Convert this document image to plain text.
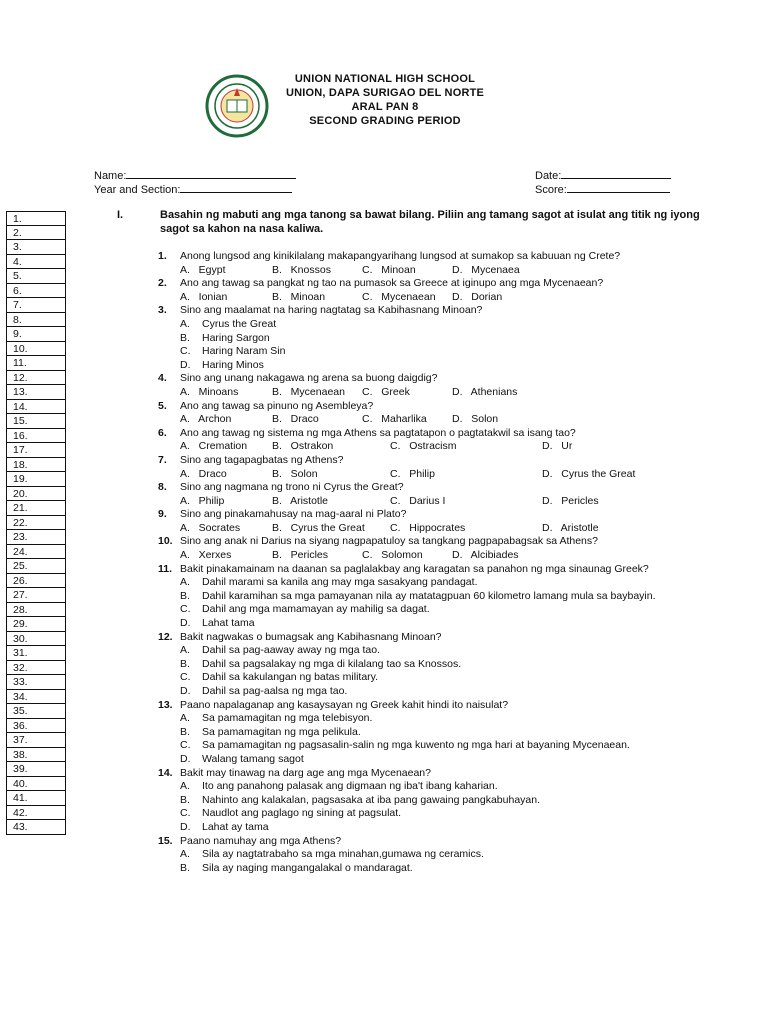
UNION NATIONAL HIGH SCHOOL
UNION, DAPA SURIGAO DEL NORTE
ARAL PAN 8
SECOND GRADING PERIOD
Name:	Date:
Year and Section:	Score:
1.
2.
3.
4.
5.
6.
7.
8.
9.
10.
11.
12.
13.
14.
15.
16.
17.
18.
19.
20.
21.
22.
23.
24.
25.
26.
27.
28.
29.
30.
31.
32.
33.
34.
35.
36.
37.
38.
39.
40.
41.
42.
43.
I.	Basahin ng mabuti ang mga tanong sa bawat bilang. Piliin ang tamang sagot at isulat ang titik ng iyong sagot sa kahon na nasa kaliwa.
1. Anong lungsod ang kinikilalang makapangyarihang lungsod at sumakop sa kabuuan ng Crete?
A.   Egypt	B.   Knossos	C.   Minoan	D.   Mycenaea
2. Ano ang tawag sa pangkat ng tao na pumasok sa Greece at iginupo ang mga Mycenaean?
A.   Ionian	B.   Minoan	C.   Mycenaean D.   Dorian
3. Sino ang maalamat na haring nagtatag sa Kabihasnang Minoan?
A. Cyrus the Great
B. Haring Sargon
C. Haring Naram Sin
D. Haring Minos
4. Sino ang unang nakagawa ng arena sa buong daigdig?
A.   Minoans	B.   Mycenaean C.   Greek	D.   Athenians
5. Ano ang tawag sa pinuno ng Asembleya?
A.   Archon	B.   Draco	C.   Maharlika D.   Solon
6. Ano ang tawag ng sistema ng mga Athens sa pagtatapon o pagtatakwil sa isang tao?
A.   Cremation B.   Ostrakon	C.   Ostracism	D.   Ur
7. Sino ang tagapagbatas ng Athens?
A.   Draco	B.   Solon	C.   Philip	D.   Cyrus the Great
8. Sino ang nagmana ng trono ni Cyrus the Great?
A.   Philip	B.   Aristotle	C.   Darius I	D.   Pericles
9. Sino ang pinakamahusay na mag-aaral ni Plato?
A.   Socrates	B.   Cyrus the Great C.   Hippocrates	D.   Aristotle
10. Sino ang anak ni Darius na siyang nagpapatuloy sa tangkang pagpapabagsak sa Athens?
A.   Xerxes	B.   Pericles	C.   Solomon	D.   Alcibiades
11. Bakit pinakamainam na daanan sa paglalakbay ang karagatan sa panahon ng mga sinaunag Greek?
A. Dahil marami sa kanila ang may mga sasakyang pandagat.
B. Dahil karamihan sa mga pamayanan nila ay matatagpuan 60 kilometro lamang mula sa baybayin.
C. Dahil ang mga mamamayan ay mahilig sa dagat.
D. Lahat tama
12. Bakit nagwakas o bumagsak ang Kabihasnang Minoan?
A. Dahil sa pag-aaway away ng mga tao.
B. Dahil sa pagsalakay ng mga di kilalang tao sa Knossos.
C. Dahil sa kakulangan ng batas military.
D. Dahil sa pag-aalsa ng mga tao.
13. Paano napalaganap ang kasaysayan ng Greek kahit hindi ito naisulat?
A. Sa pamamagitan ng mga telebisyon.
B. Sa pamamagitan ng mga pelikula.
C. Sa pamamagitan ng pagsasalin-salin ng mga kuwento ng mga hari at bayaning Mycenaean.
D. Walang tamang sagot
14. Bakit may tinawag na darg age ang mga Mycenaean?
A. Ito ang panahong palasak ang digmaan ng iba't ibang kaharian.
B. Nahinto ang kalakalan, pagsasaka at iba pang gawaing pangkabuhayan.
C. Naudlot ang paglago ng sining at pagsulat.
D. Lahat ay tama
15. Paano namuhay ang mga Athens?
A. Sila ay nagtatrabaho sa mga minahan,gumawa ng ceramics.
B. Sila ay naging mangangalakal o mandaragat.
